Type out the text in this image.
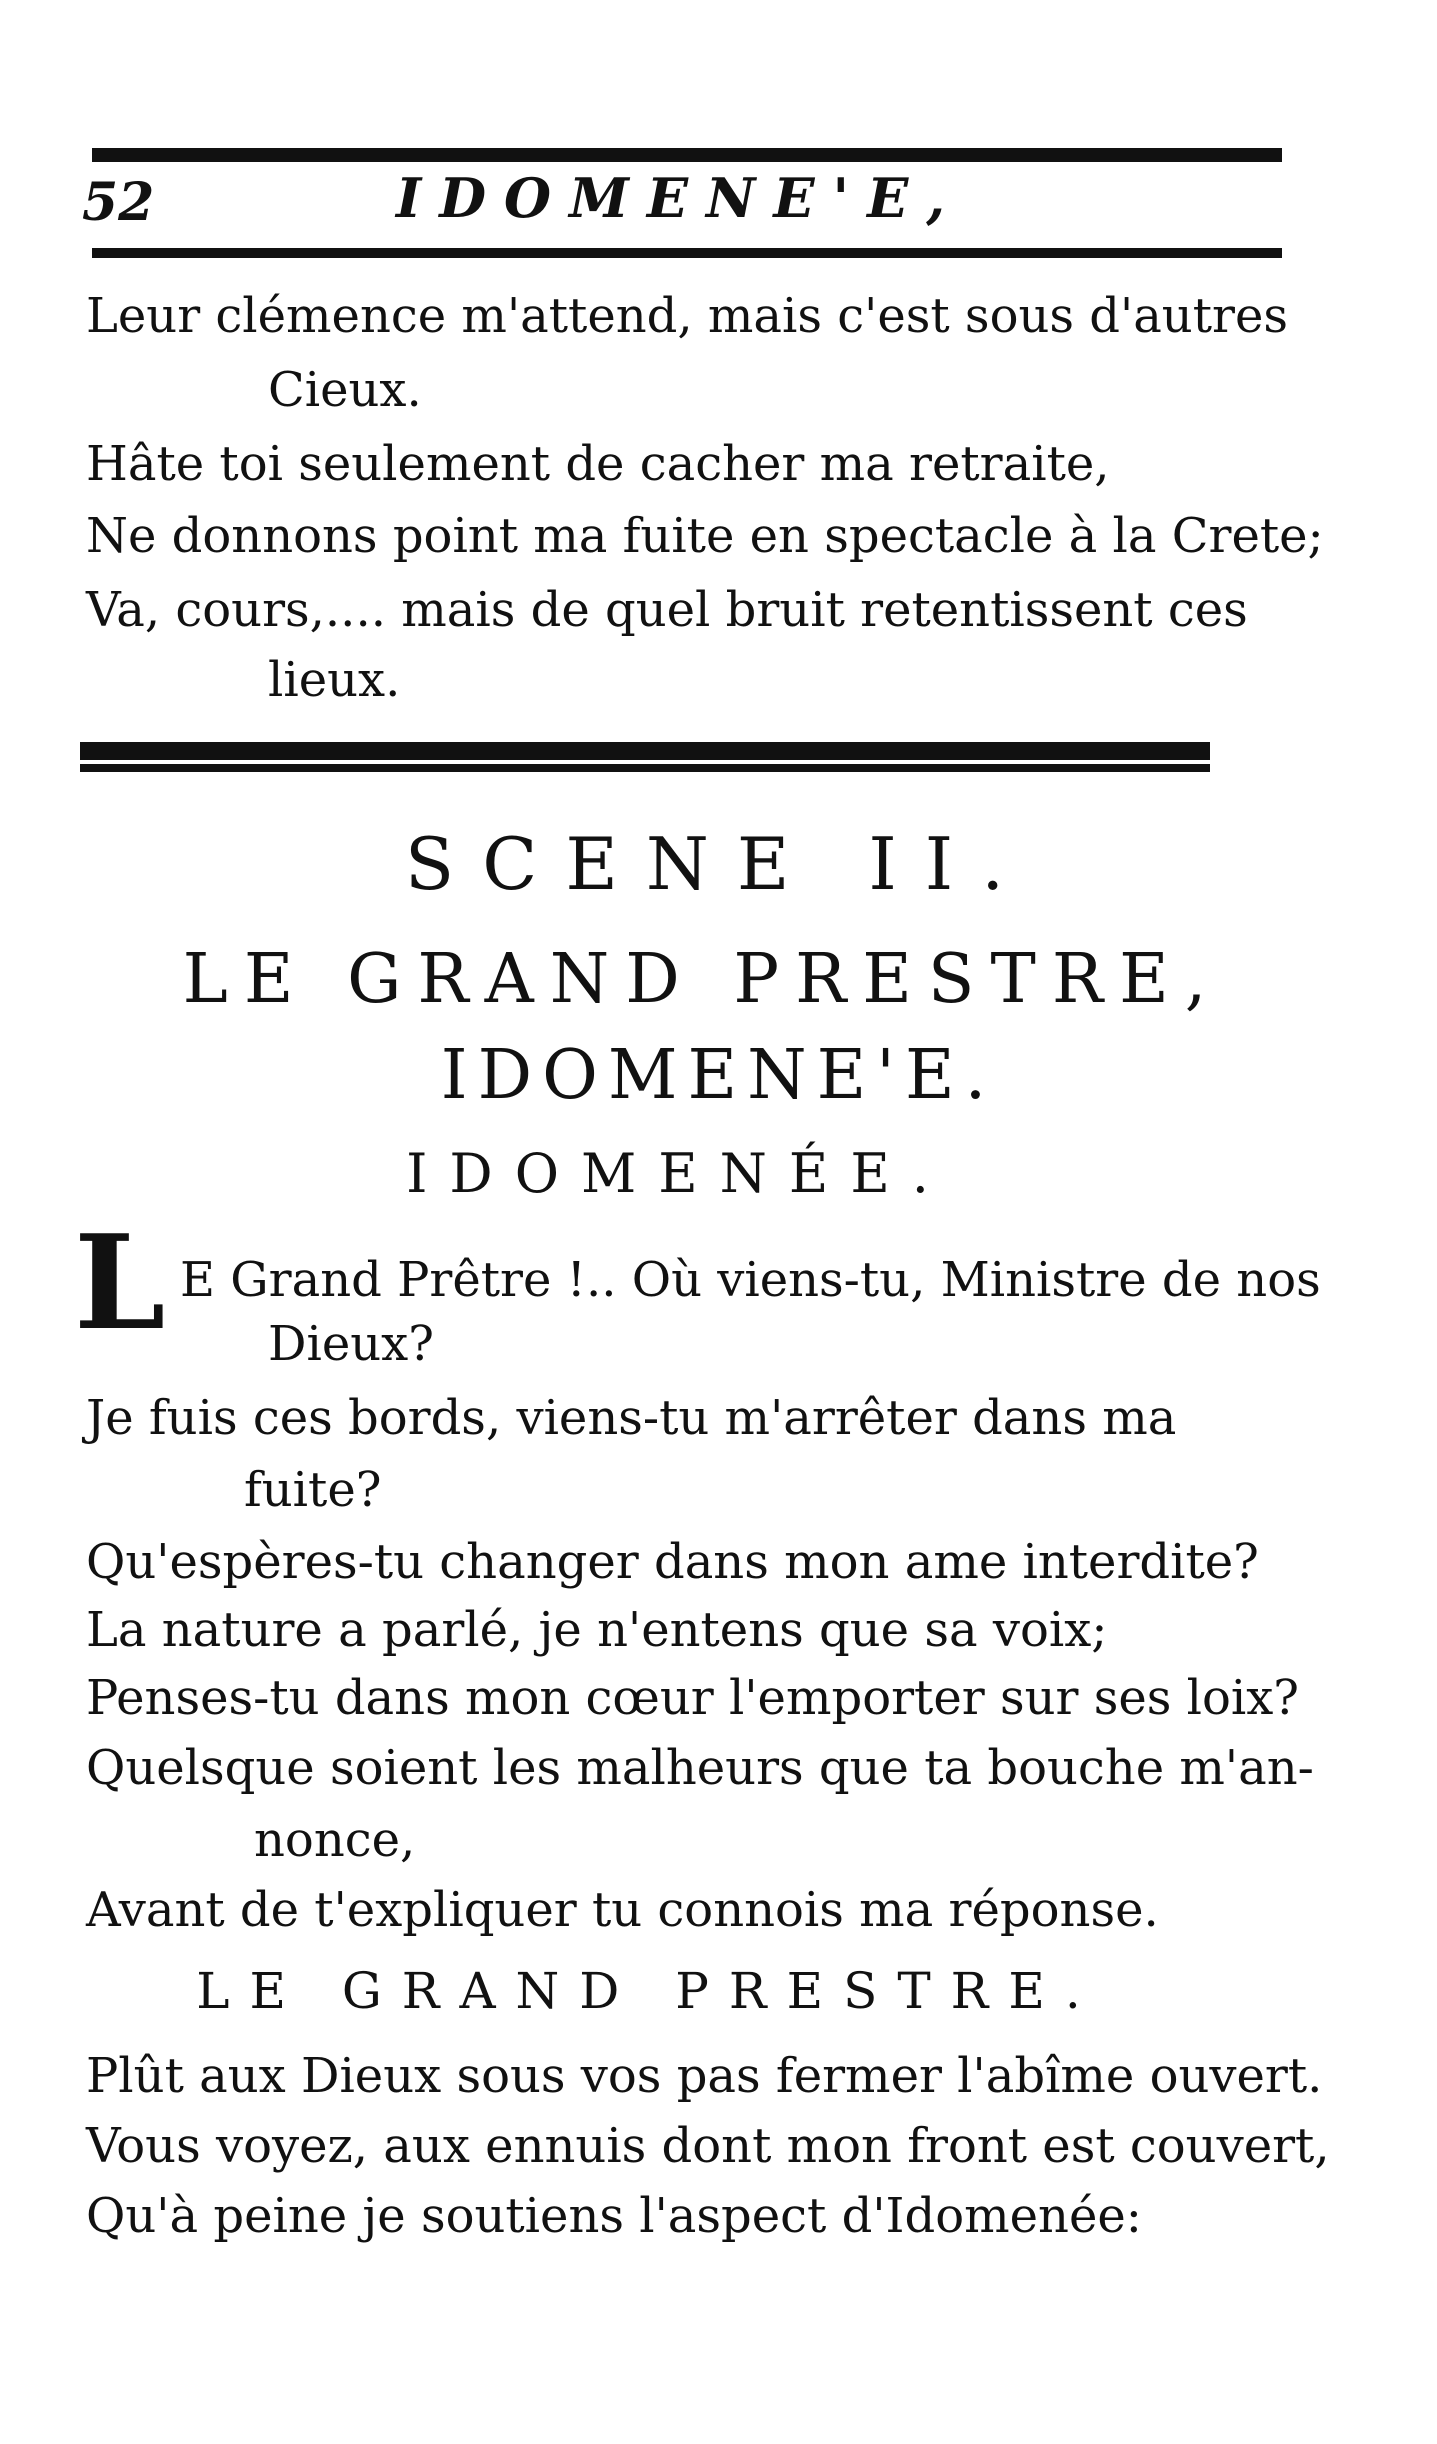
52	IDOMENE'E,
Leur clémence m'attend, mais c'est sous d'autres
Cieux.
Hâte toi seulement de cacher ma retraite,
Ne donnons point ma fuite en spectacle à la Crete;
Va, cours,.... mais de quel bruit retentissent ces
lieux.
SCENE II.
LE GRAND PRESTRE,
IDOMENE'E.
IDOMENÉE.
L E Grand Prêtre !.. Où viens-tu, Ministre de nos
Dieux?
Je fuis ces bords, viens-tu m'arrêter dans ma
fuite?
Qu'espères-tu changer dans mon ame interdite?
La nature a parlé, je n'entens que sa voix;
Penses-tu dans mon cœur l'emporter sur ses loix?
Quelsque soient les malheurs que ta bouche m'an-
nonce,
Avant de t'expliquer tu connois ma réponse.
LE GRAND PRESTRE.
Plût aux Dieux sous vos pas fermer l'abîme ouvert.
Vous voyez, aux ennuis dont mon front est couvert,
Qu'à peine je soutiens l'aspect d'Idomenée:
